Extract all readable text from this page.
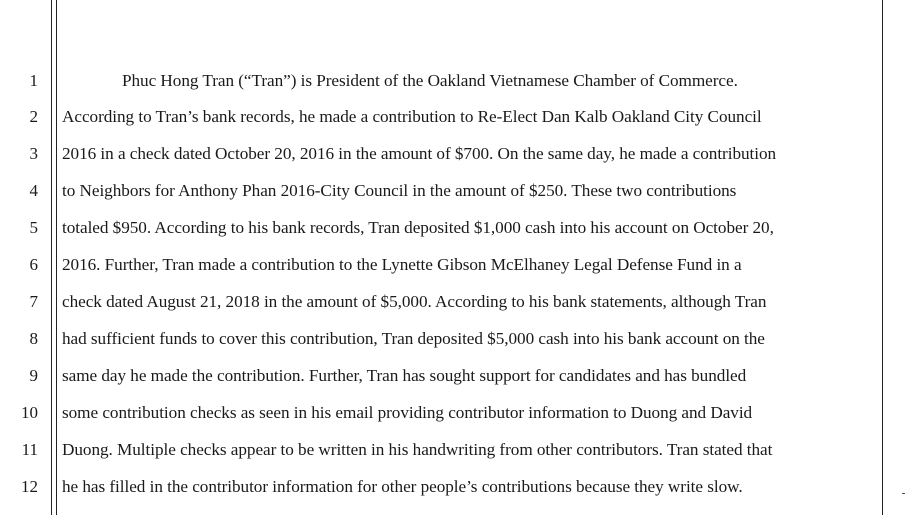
1
2
3
4
5
6
7
8
9
10
11
12
Phuc Hong Tran (“Tran”) is President of the Oakland Vietnamese Chamber of Commerce.
According to Tran’s bank records, he made a contribution to Re-Elect Dan Kalb Oakland City Council
2016 in a check dated October 20, 2016 in the amount of $700. On the same day, he made a contribution
to Neighbors for Anthony Phan 2016-City Council in the amount of $250. These two contributions
totaled $950. According to his bank records, Tran deposited $1,000 cash into his account on October 20,
2016. Further, Tran made a contribution to the Lynette Gibson McElhaney Legal Defense Fund in a
check dated August 21, 2018 in the amount of $5,000. According to his bank statements, although Tran
had sufficient funds to cover this contribution, Tran deposited $5,000 cash into his bank account on the
same day he made the contribution. Further, Tran has sought support for candidates and has bundled
some contribution checks as seen in his email providing contributor information to Duong and David
Duong. Multiple checks appear to be written in his handwriting from other contributors. Tran stated that
he has filled in the contributor information for other people’s contributions because they write slow.
